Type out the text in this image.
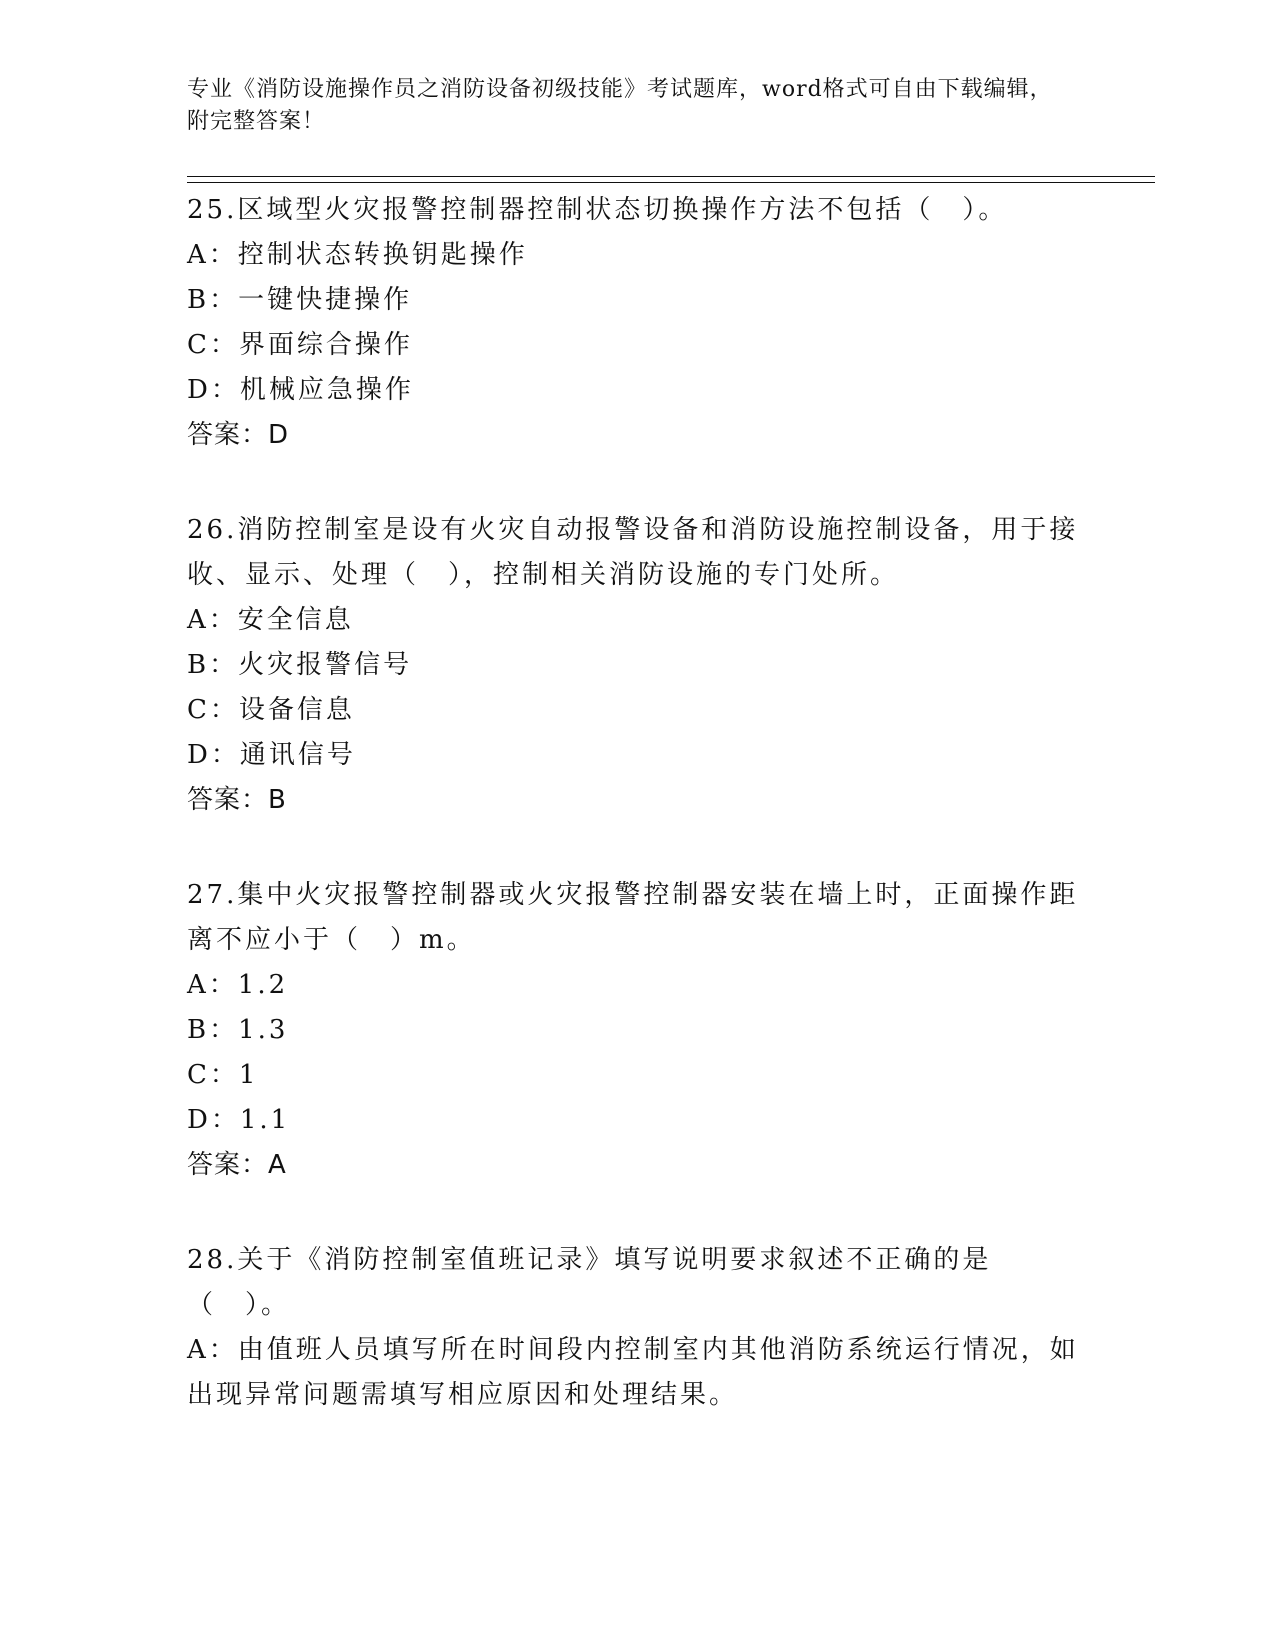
专业《消防设施操作员之消防设备初级技能》考试题库，word格式可自由下载编辑，附完整答案！
25.区域型火灾报警控制器控制状态切换操作方法不包括（　）。
A：控制状态转换钥匙操作
B：一键快捷操作
C：界面综合操作
D：机械应急操作
答案：D
26.消防控制室是设有火灾自动报警设备和消防设施控制设备，用于接收、显示、处理（　），控制相关消防设施的专门处所。
A：安全信息
B：火灾报警信号
C：设备信息
D：通讯信号
答案：B
27.集中火灾报警控制器或火灾报警控制器安装在墙上时，正面操作距离不应小于（　）m。
A：1.2
B：1.3
C：1
D：1.1
答案：A
28.关于《消防控制室值班记录》填写说明要求叙述不正确的是（　）。
A：由值班人员填写所在时间段内控制室内其他消防系统运行情况，如出现异常问题需填写相应原因和处理结果。
